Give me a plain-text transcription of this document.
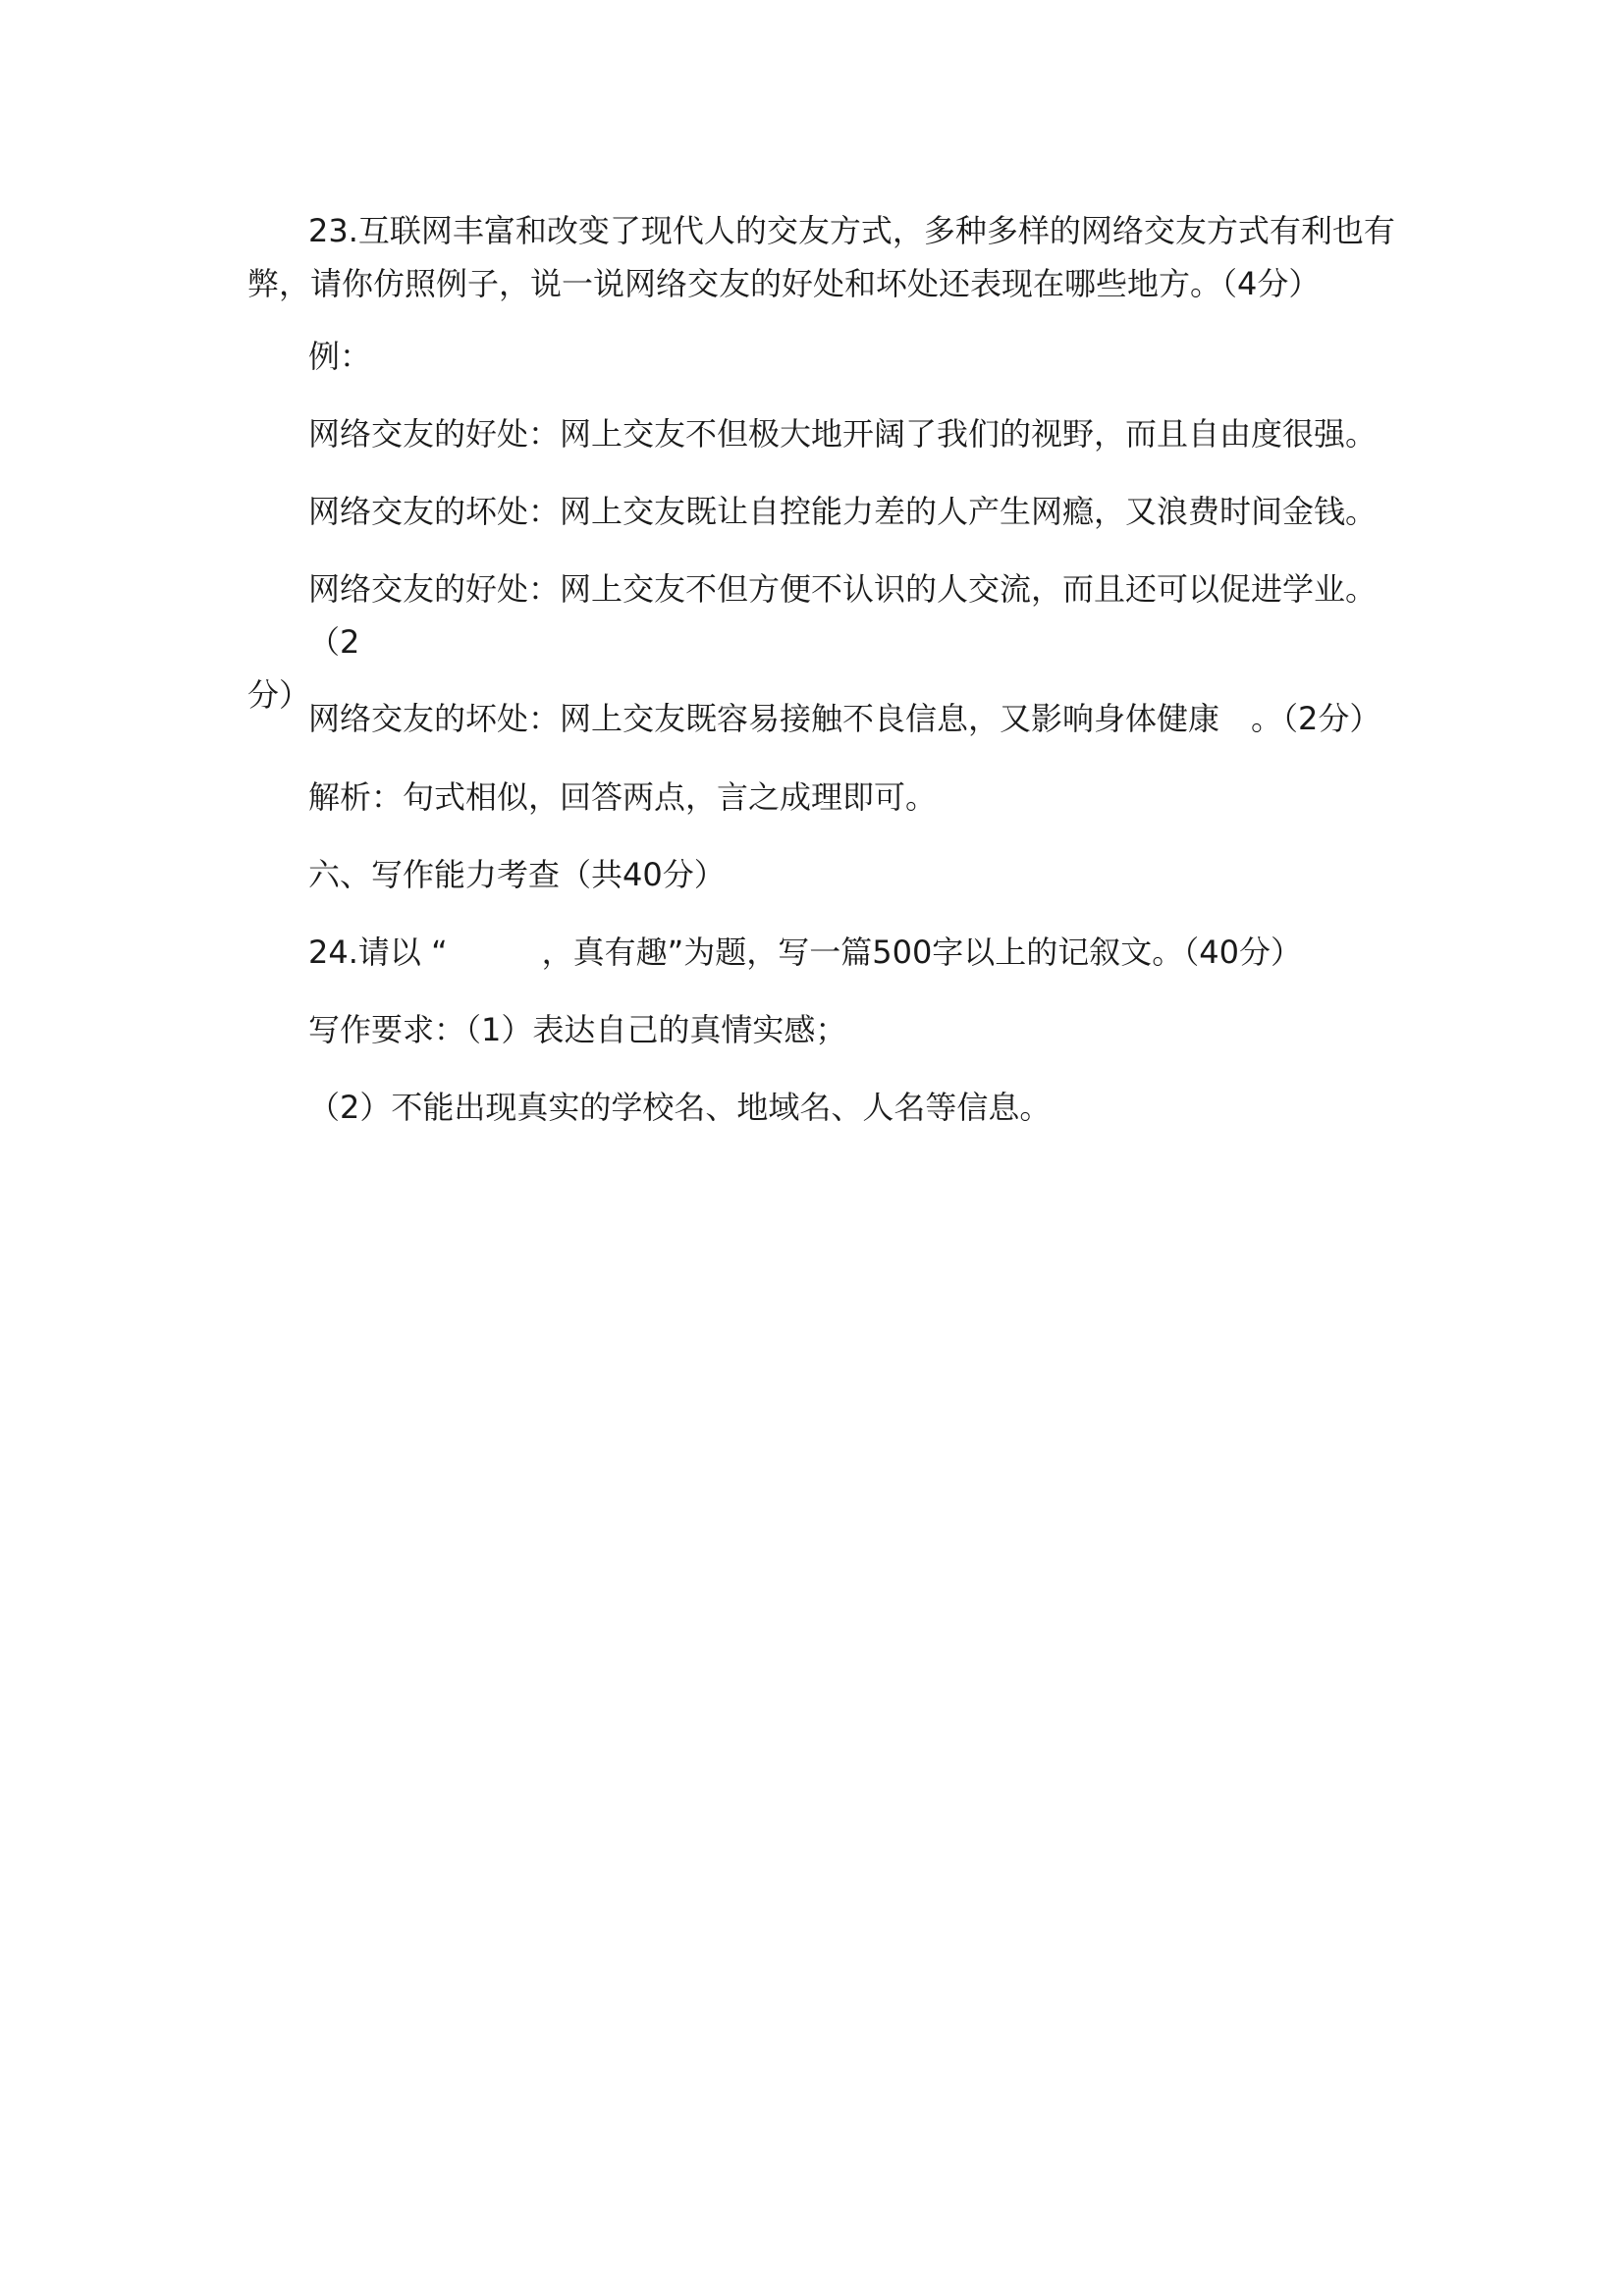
23.互联网丰富和改变了现代人的交友方式，多种多样的网络交友方式有利也有
弊，请你仿照例子，说一说网络交友的好处和坏处还表现在哪些地方。（4分）

例：

网络交友的好处：网上交友不但极大地开阔了我们的视野，而且自由度很强。

网络交友的坏处：网上交友既让自控能力差的人产生网瘾，又浪费时间金钱。

网络交友的好处：网上交友不但方便不认识的人交流，而且还可以促进学业。（2
分）

网络交友的坏处：网上交友既容易接触不良信息，又影响身体健康　。（2分）

解析：句式相似，回答两点，言之成理即可。

六、写作能力考查（共40分）

24.请以 “　　　，真有趣”为题，写一篇500字以上的记叙文。（40分）

写作要求：（1）表达自己的真情实感；

（2）不能出现真实的学校名、地域名、人名等信息。
